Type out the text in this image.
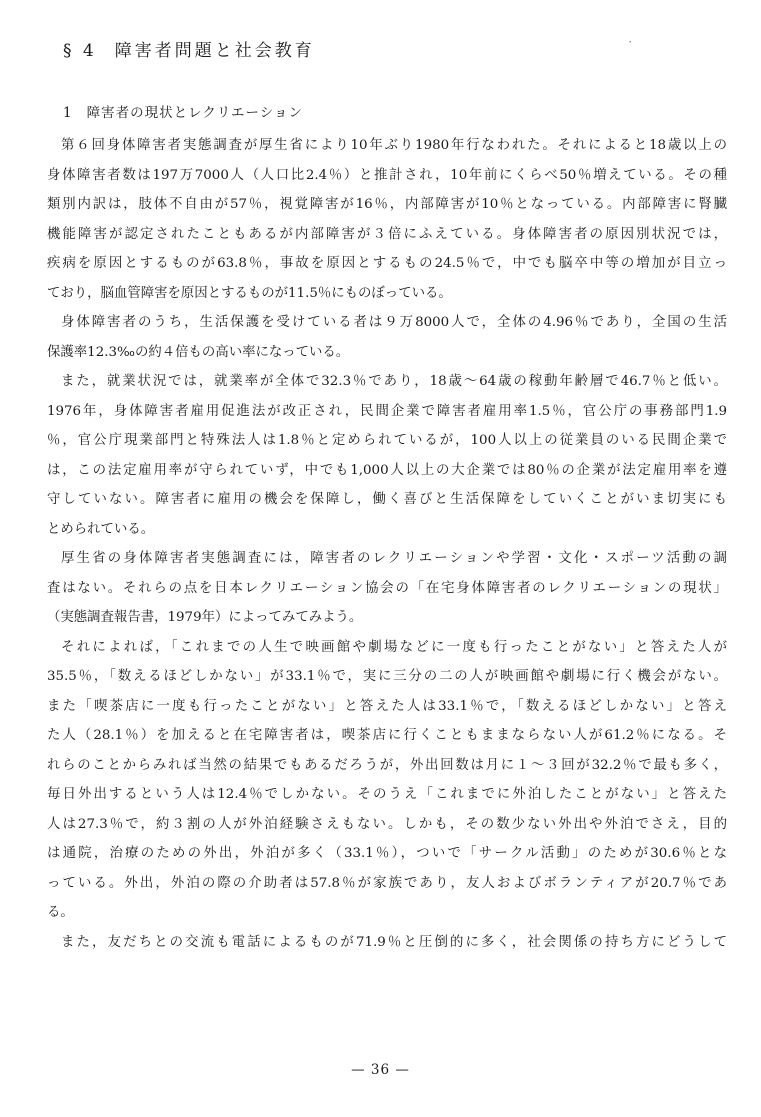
§ 4 障害者問題と社会教育	⠂
1 障害者の現状とレクリエーション
第６回身体障害者実態調査が厚生省により10年ぶり1980年行なわれた。それによると18歳以上の
身体障害者数は197万7000人（人口比2.4％）と推計され，10年前にくらべ50％増えている。その種
類別内訳は，肢体不自由が57％，視覚障害が16％，内部障害が10％となっている。内部障害に腎臓
機能障害が認定されたこともあるが内部障害が３倍にふえている。身体障害者の原因別状況では，
疾病を原因とするものが63.8％，事故を原因とするもの24.5％で，中でも脳卒中等の増加が目立っ
ており，脳血管障害を原因とするものが11.5％にものぼっている。
身体障害者のうち，生活保護を受けている者は９万8000人で，全体の4.96％であり，全国の生活
保護率12.3‰の約４倍もの高い率になっている。
また，就業状況では，就業率が全体で32.3％であり，18歳〜64歳の稼動年齢層で46.7％と低い。
1976年，身体障害者雇用促進法が改正され，民間企業で障害者雇用率1.5％，官公庁の事務部門1.9
％，官公庁現業部門と特殊法人は1.8％と定められているが，100人以上の従業員のいる民間企業で
は，この法定雇用率が守られていず，中でも1,000人以上の大企業では80％の企業が法定雇用率を遵
守していない。障害者に雇用の機会を保障し，働く喜びと生活保障をしていくことがいま切実にも
とめられている。
厚生省の身体障害者実態調査には，障害者のレクリエーションや学習・文化・スポーツ活動の調
査はない。それらの点を日本レクリエーション協会の「在宅身体障害者のレクリエーションの現状」
（実態調査報告書，1979年）によってみてみよう。
それによれば，「これまでの人生で映画館や劇場などに一度も行ったことがない」と答えた人が
35.5％，「数えるほどしかない」が33.1％で，実に三分の二の人が映画館や劇場に行く機会がない。
また「喫茶店に一度も行ったことがない」と答えた人は33.1％で，「数えるほどしかない」と答え
た人（28.1％）を加えると在宅障害者は，喫茶店に行くこともままならない人が61.2％になる。そ
れらのことからみれば当然の結果でもあるだろうが，外出回数は月に１〜３回が32.2％で最も多く，
毎日外出するという人は12.4％でしかない。そのうえ「これまでに外泊したことがない」と答えた
人は27.3％で，約３割の人が外泊経験さえもない。しかも，その数少ない外出や外泊でさえ，目的
は通院，治療のための外出，外泊が多く（33.1％），ついで「サークル活動」のためが30.6％とな
っている。外出，外泊の際の介助者は57.8％が家族であり，友人およびボランティアが20.7％であ
る。
また，友だちとの交流も電話によるものが71.9％と圧倒的に多く，社会関係の持ち方にどうして
— 36 —
